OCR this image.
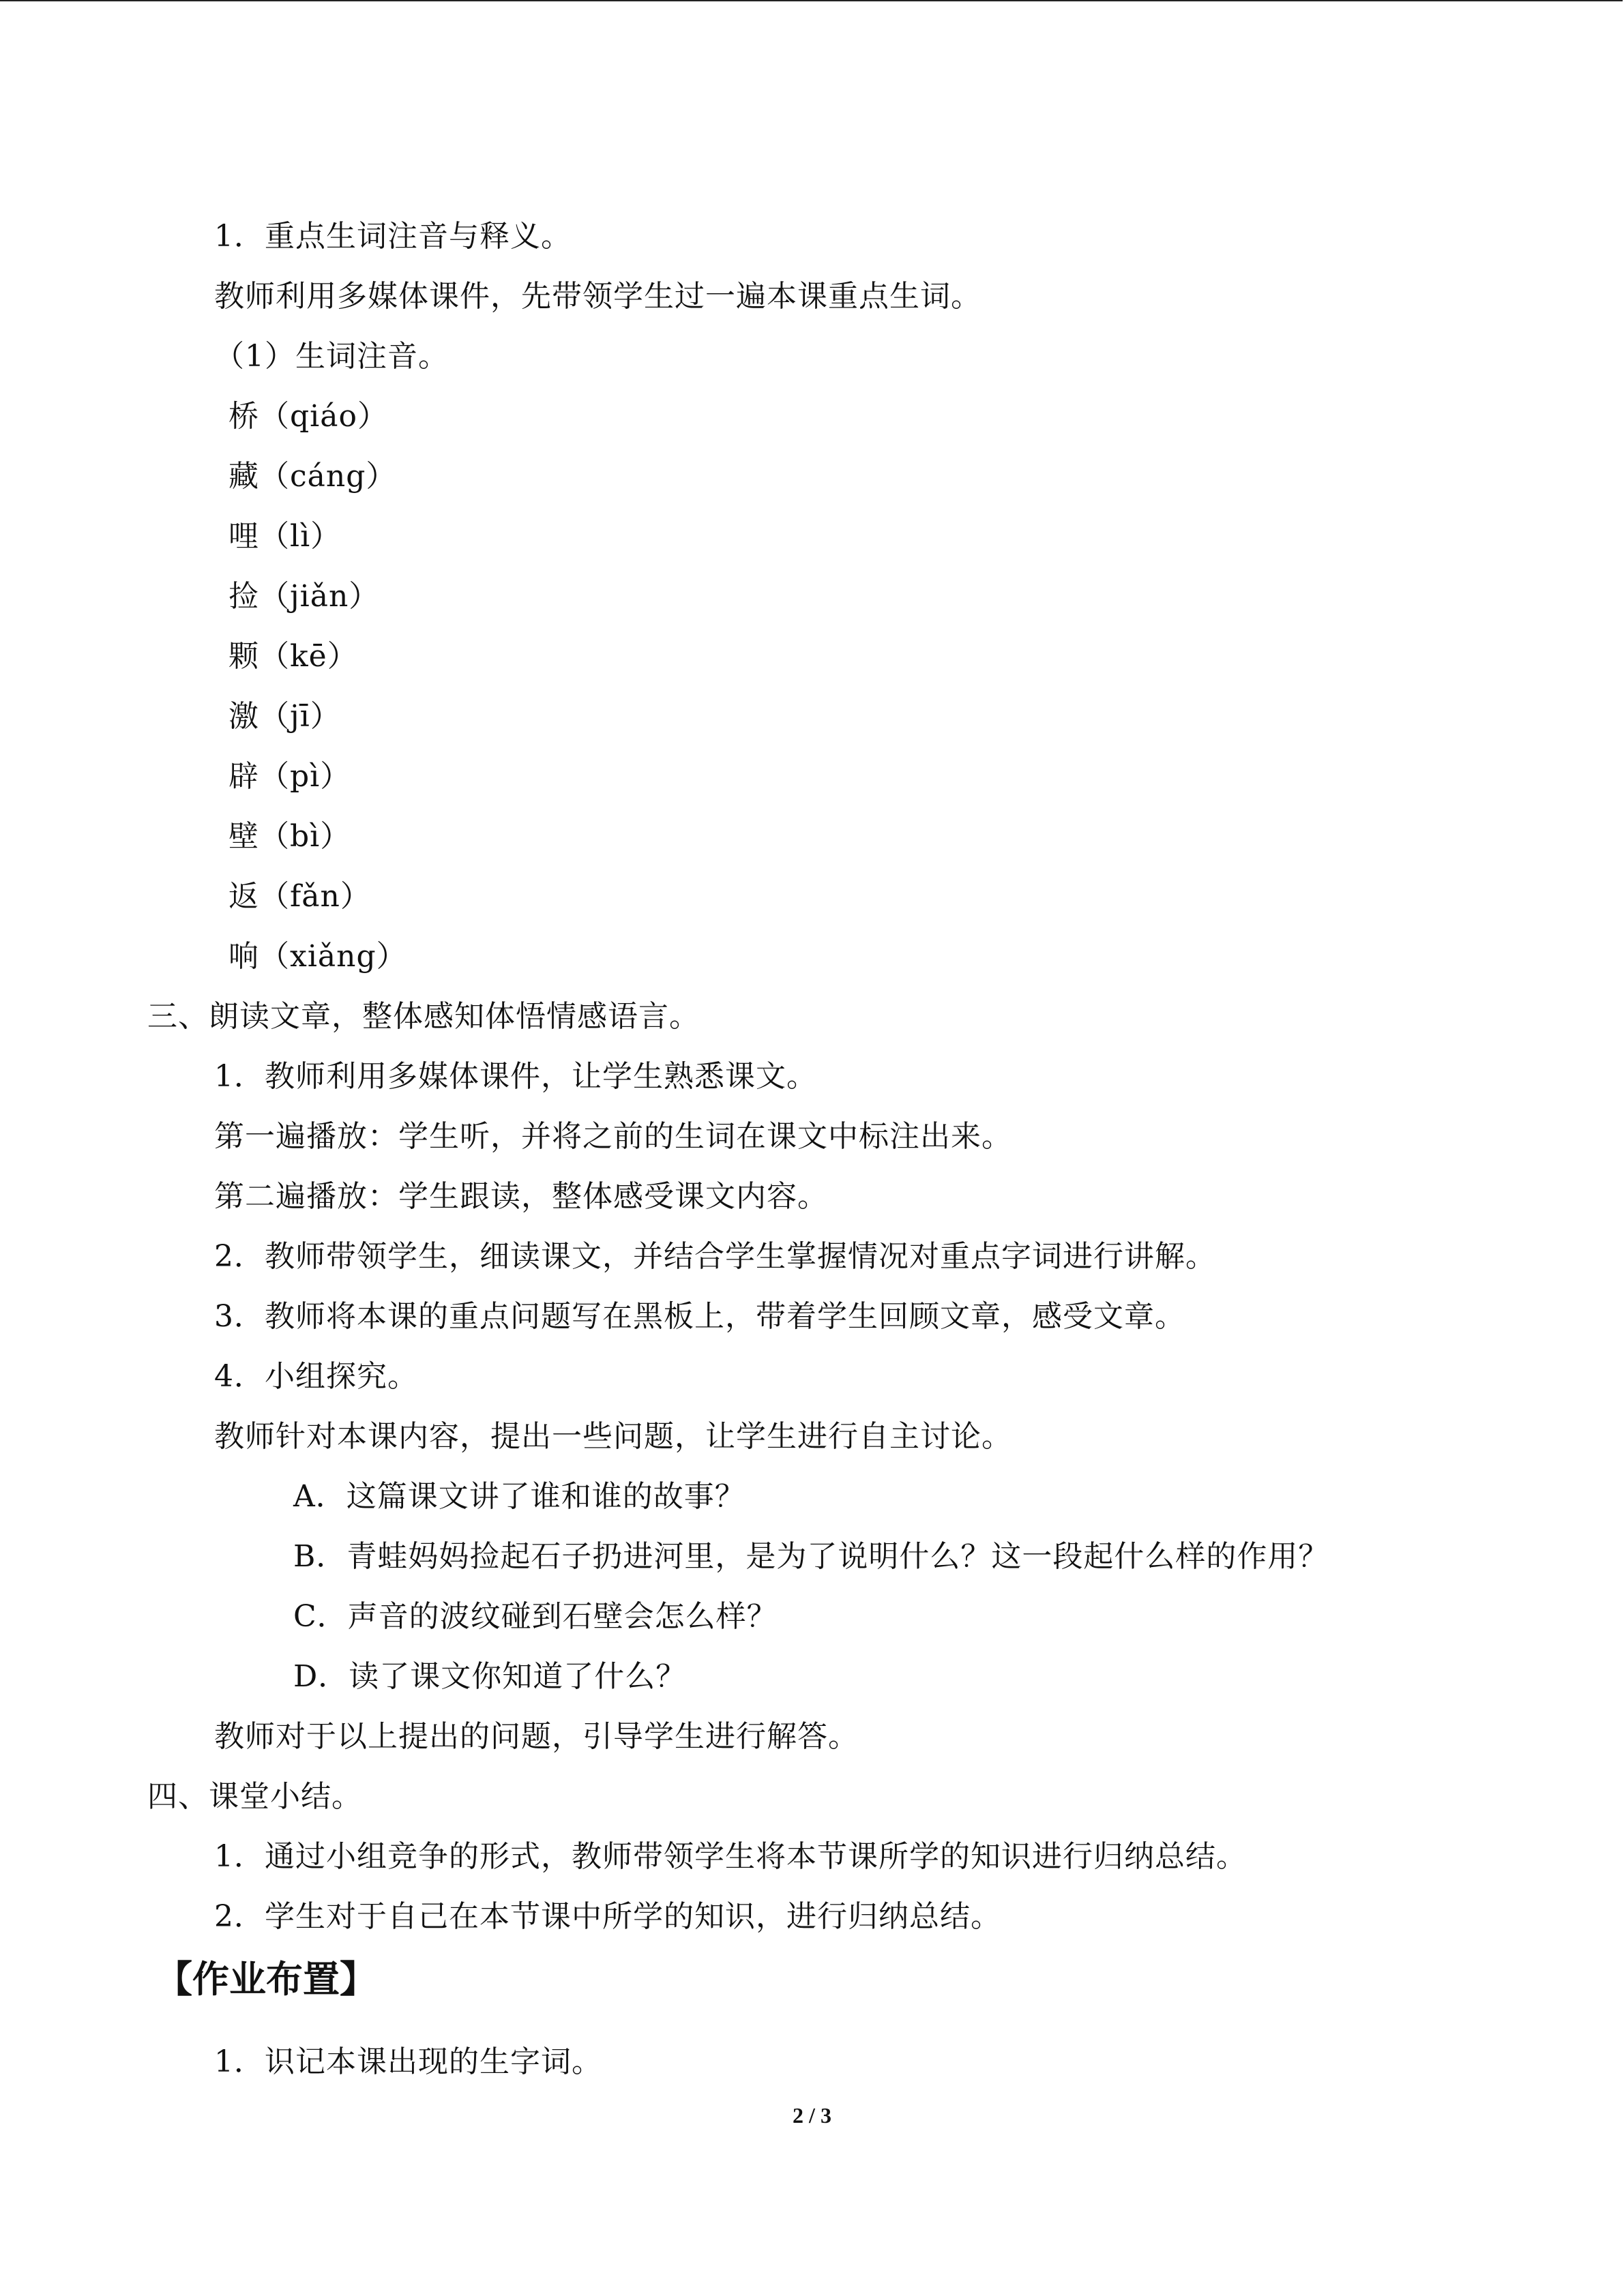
1．重点生词注音与释义。
教师利用多媒体课件，先带领学生过一遍本课重点生词。
（1）生词注音。
桥（qiáo）
藏（cáng）
哩（lì）
捡（jiǎn）
颗（kē）
激（jī）
辟（pì）
壁（bì）
返（fǎn）
响（xiǎng）
三、朗读文章，整体感知体悟情感语言。
1．教师利用多媒体课件，让学生熟悉课文。
第一遍播放：学生听，并将之前的生词在课文中标注出来。
第二遍播放：学生跟读，整体感受课文内容。
2．教师带领学生，细读课文，并结合学生掌握情况对重点字词进行讲解。
3．教师将本课的重点问题写在黑板上，带着学生回顾文章，感受文章。
4．小组探究。
教师针对本课内容，提出一些问题，让学生进行自主讨论。
A．这篇课文讲了谁和谁的故事？
B．青蛙妈妈捡起石子扔进河里，是为了说明什么？这一段起什么样的作用？
C．声音的波纹碰到石壁会怎么样？
D．读了课文你知道了什么？
教师对于以上提出的问题，引导学生进行解答。
四、课堂小结。
1．通过小组竞争的形式，教师带领学生将本节课所学的知识进行归纳总结。
2．学生对于自己在本节课中所学的知识，进行归纳总结。
【作业布置】
1．识记本课出现的生字词。
2 / 3
